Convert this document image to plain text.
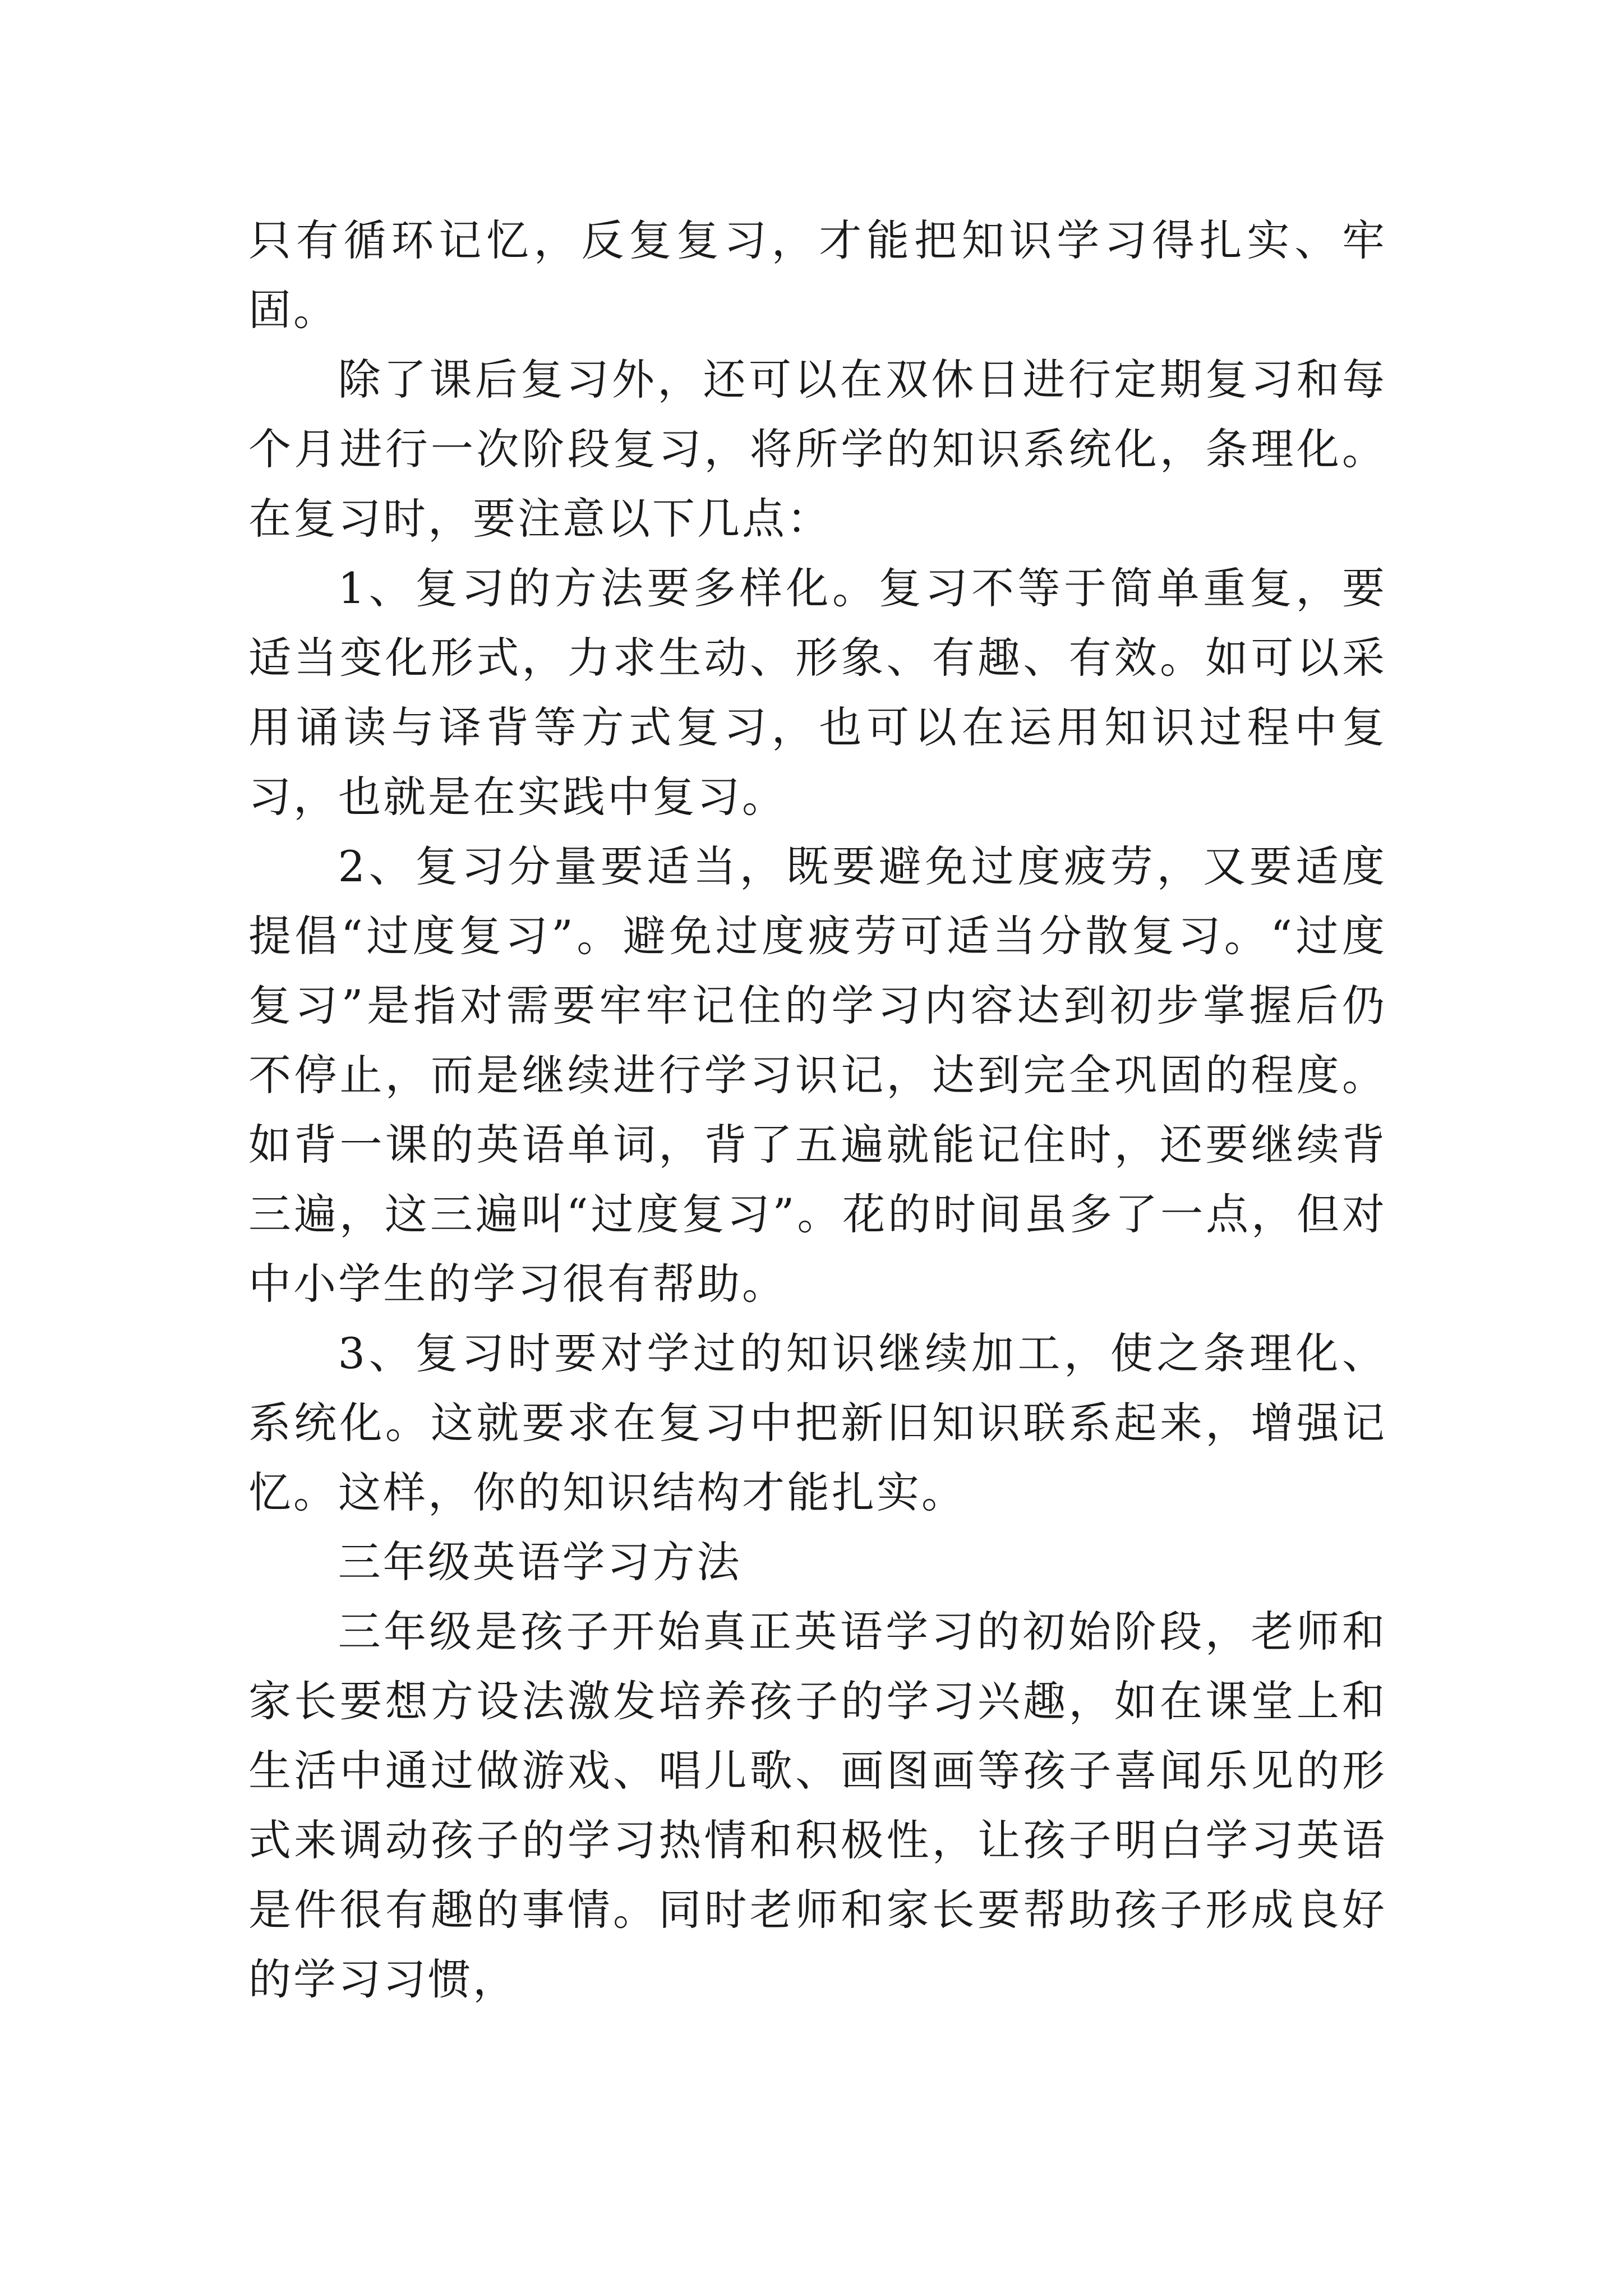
只有循环记忆，反复复习，才能把知识学习得扎实、牢固。

除了课后复习外，还可以在双休日进行定期复习和每个月进行一次阶段复习，将所学的知识系统化，条理化。在复习时，要注意以下几点：

1、复习的方法要多样化。复习不等于简单重复，要适当变化形式，力求生动、形象、有趣、有效。如可以采用诵读与译背等方式复习，也可以在运用知识过程中复习，也就是在实践中复习。

2、复习分量要适当，既要避免过度疲劳，又要适度提倡“过度复习”。避免过度疲劳可适当分散复习。“过度复习”是指对需要牢牢记住的学习内容达到初步掌握后仍不停止，而是继续进行学习识记，达到完全巩固的程度。如背一课的英语单词，背了五遍就能记住时，还要继续背三遍，这三遍叫“过度复习”。花的时间虽多了一点，但对中小学生的学习很有帮助。

3、复习时要对学过的知识继续加工，使之条理化、系统化。这就要求在复习中把新旧知识联系起来，增强记忆。这样，你的知识结构才能扎实。

三年级英语学习方法

三年级是孩子开始真正英语学习的初始阶段，老师和家长要想方设法激发培养孩子的学习兴趣，如在课堂上和生活中通过做游戏、唱儿歌、画图画等孩子喜闻乐见的形式来调动孩子的学习热情和积极性，让孩子明白学习英语是件很有趣的事情。同时老师和家长要帮助孩子形成良好的学习习惯，
